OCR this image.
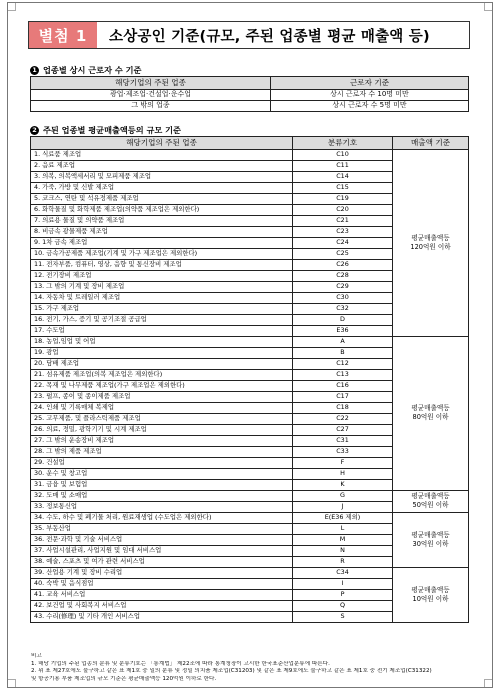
별첨 1	소상공인 기준(규모, 주된 업종별 평균 매출액 등)
1 업종별 상시 근로자 수 기준
해당기업의 주된 업종	근로자 기준
광업·제조업·건설업·운수업	상시 근로자 수 10명 미만
그 밖의 업종	상시 근로자 수 5명 미만
2 주된 업종별 평균매출액등의 규모 기준
해당기업의 주된 업종	분류기호	매출액 기준
1. 식료품 제조업	C10	평균매출액등
120억원 이하

2. 음료 제조업	C11	
3. 의복, 의복액세서리 및 모피제품 제조업	C14	
4. 가죽, 가방 및 신발 제조업	C15	
5. 코크스, 연탄 및 석유정제품 제조업	C19	
6. 화학물질 및 화학제품 제조업(의약품 제조업은 제외한다)	C20	
7. 의료용 물질 및 의약품 제조업	C21	
8. 비금속 광물제품 제조업	C23	
9. 1차 금속 제조업	C24	
10. 금속가공제품 제조업(기계 및 가구 제조업은 제외한다)	C25	
11. 전자부품, 컴퓨터, 영상, 음향 및 통신장비 제조업	C26	
12. 전기장비 제조업	C28	
13. 그 밖의 기계 및 장비 제조업	C29	
14. 자동차 및 트레일러 제조업	C30	
15. 가구 제조업	C32	
16. 전기, 가스, 증기 및 공기조절 공급업	D	
17. 수도업	E36	
18. 농업,임업 및 어업	A	평균매출액등
80억원 이하

19. 광업	B	
20. 담배 제조업	C12	
21. 섬유제품 제조업(의복 제조업은 제외한다)	C13	
22. 목재 및 나무제품 제조업(가구 제조업은 제외한다)	C16	
23. 펄프, 종이 및 종이제품 제조업	C17	
24. 인쇄 및 기록매체 복제업	C18	
25. 고무제품, 및 플라스틱제품 제조업	C22	
26. 의료, 정밀, 광학기기 및 시계 제조업	C27	
27. 그 밖의 운송장비 제조업	C31	
28. 그 밖의 제품 제조업	C33	
29. 건설업	F	
30. 운수 및 창고업	H	
31. 금융 및 보험업	K	
32. 도매 및 소매업	G	평균매출액등
50억원 이하

33. 정보통신업	J	
34. 수도, 하수 및 폐기물 처리, 원료재생업 (수도업은 제외한다)	E(E36 제외)	평균매출액등
30억원 이하

35. 부동산업	L	
36. 전문·과학 및 기술 서비스업	M	
37. 사업시설관리, 사업지원 및 임대 서비스업	N	
38. 예술, 스포츠 및 여가 관련 서비스업	R	
39. 산업용 기계 및 장비 수리업	C34	평균매출액등
10억원 이하

40. 숙박 및 음식점업	I	
41. 교육 서비스업	P	
42. 보건업 및 사회복지 서비스업	Q	
43. 수리(修理) 및 기타 개인 서비스업	S	
비고
1. 해당 기업의 주된 업종의 분류 및 분류기호는 「통계법」 제22조에 따라 통계청장이 고시한 한국표준산업분류에 따른다.
2. 위 표 제27호에도 불구하고 같은 표 제1호 중 일의 분류 및 정밀 의치품 제조업(C31203) 및 같은 표 제9호에도 불구하고 같은 표 제1호 중 전기 제조업(C31322)
및 항공기용 부품 제조업의 규모 기준은 평균매출액등 120억원 이하로 한다.
